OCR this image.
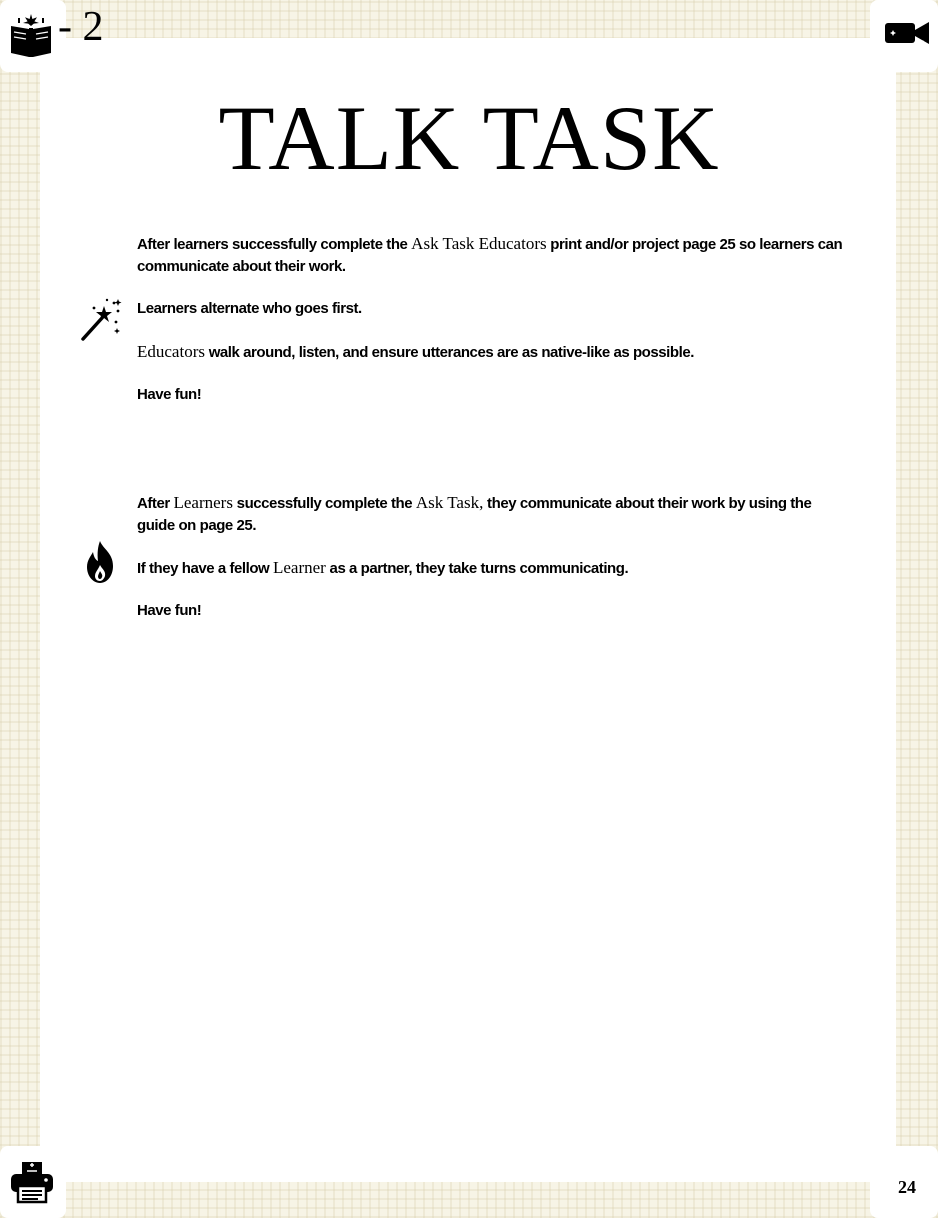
- 2
TALK TASK

After learners successfully complete the Ask Task Educators print and/or project page 25 so learners can communicate about their work.

Learners alternate who goes first.

Educators walk around, listen, and ensure utterances are as native-like as possible.

Have fun!

After Learners successfully complete the Ask Task, they communicate about their work by using the guide on page 25.

If they have a fellow Learner as a partner, they take turns communicating.

Have fun!

24
